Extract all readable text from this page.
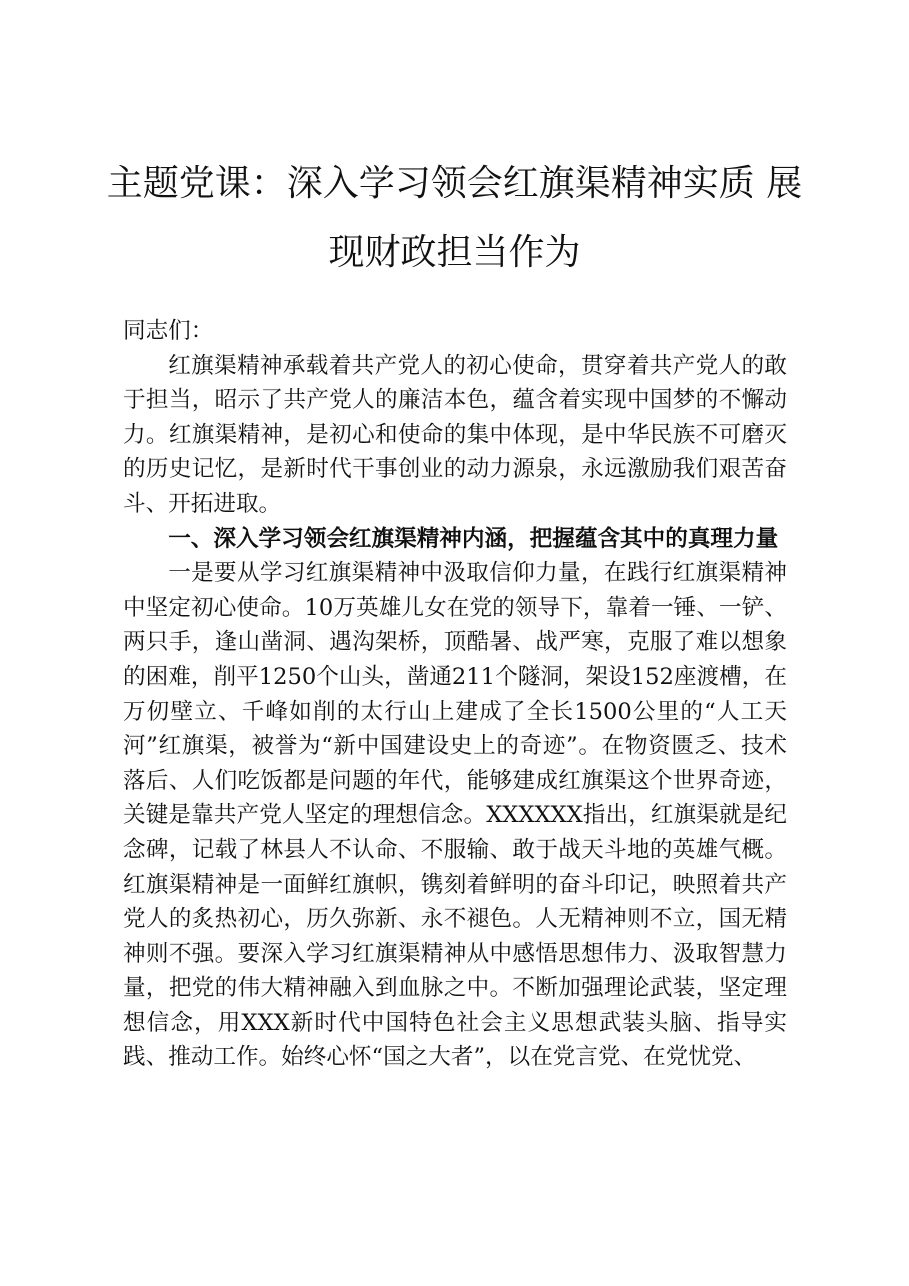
主题党课：深入学习领会红旗渠精神实质 展
现财政担当作为

同志们：

红旗渠精神承载着共产党人的初心使命，贯穿着共产党人的敢于担当，昭示了共产党人的廉洁本色，蕴含着实现中国梦的不懈动力。红旗渠精神，是初心和使命的集中体现，是中华民族不可磨灭的历史记忆，是新时代干事创业的动力源泉，永远激励我们艰苦奋斗、开拓进取。

一、深入学习领会红旗渠精神内涵，把握蕴含其中的真理力量

一是要从学习红旗渠精神中汲取信仰力量，在践行红旗渠精神中坚定初心使命。10万英雄儿女在党的领导下，靠着一锤、一铲、两只手，逢山凿洞、遇沟架桥，顶酷暑、战严寒，克服了难以想象的困难，削平1250个山头，凿通211个隧洞，架设152座渡槽，在万仞壁立、千峰如削的太行山上建成了全长1500公里的“人工天河”红旗渠，被誉为“新中国建设史上的奇迹”。在物资匮乏、技术落后、人们吃饭都是问题的年代，能够建成红旗渠这个世界奇迹，关键是靠共产党人坚定的理想信念。XXXXXX指出，红旗渠就是纪念碑，记载了林县人不认命、不服输、敢于战天斗地的英雄气概。红旗渠精神是一面鲜红旗帜，镌刻着鲜明的奋斗印记，映照着共产党人的炙热初心，历久弥新、永不褪色。人无精神则不立，国无精神则不强。要深入学习红旗渠精神从中感悟思想伟力、汲取智慧力量，把党的伟大精神融入到血脉之中。不断加强理论武装，坚定理想信念，用XXX新时代中国特色社会主义思想武装头脑、指导实践、推动工作。始终心怀“国之大者”，以在党言党、在党忧党、
